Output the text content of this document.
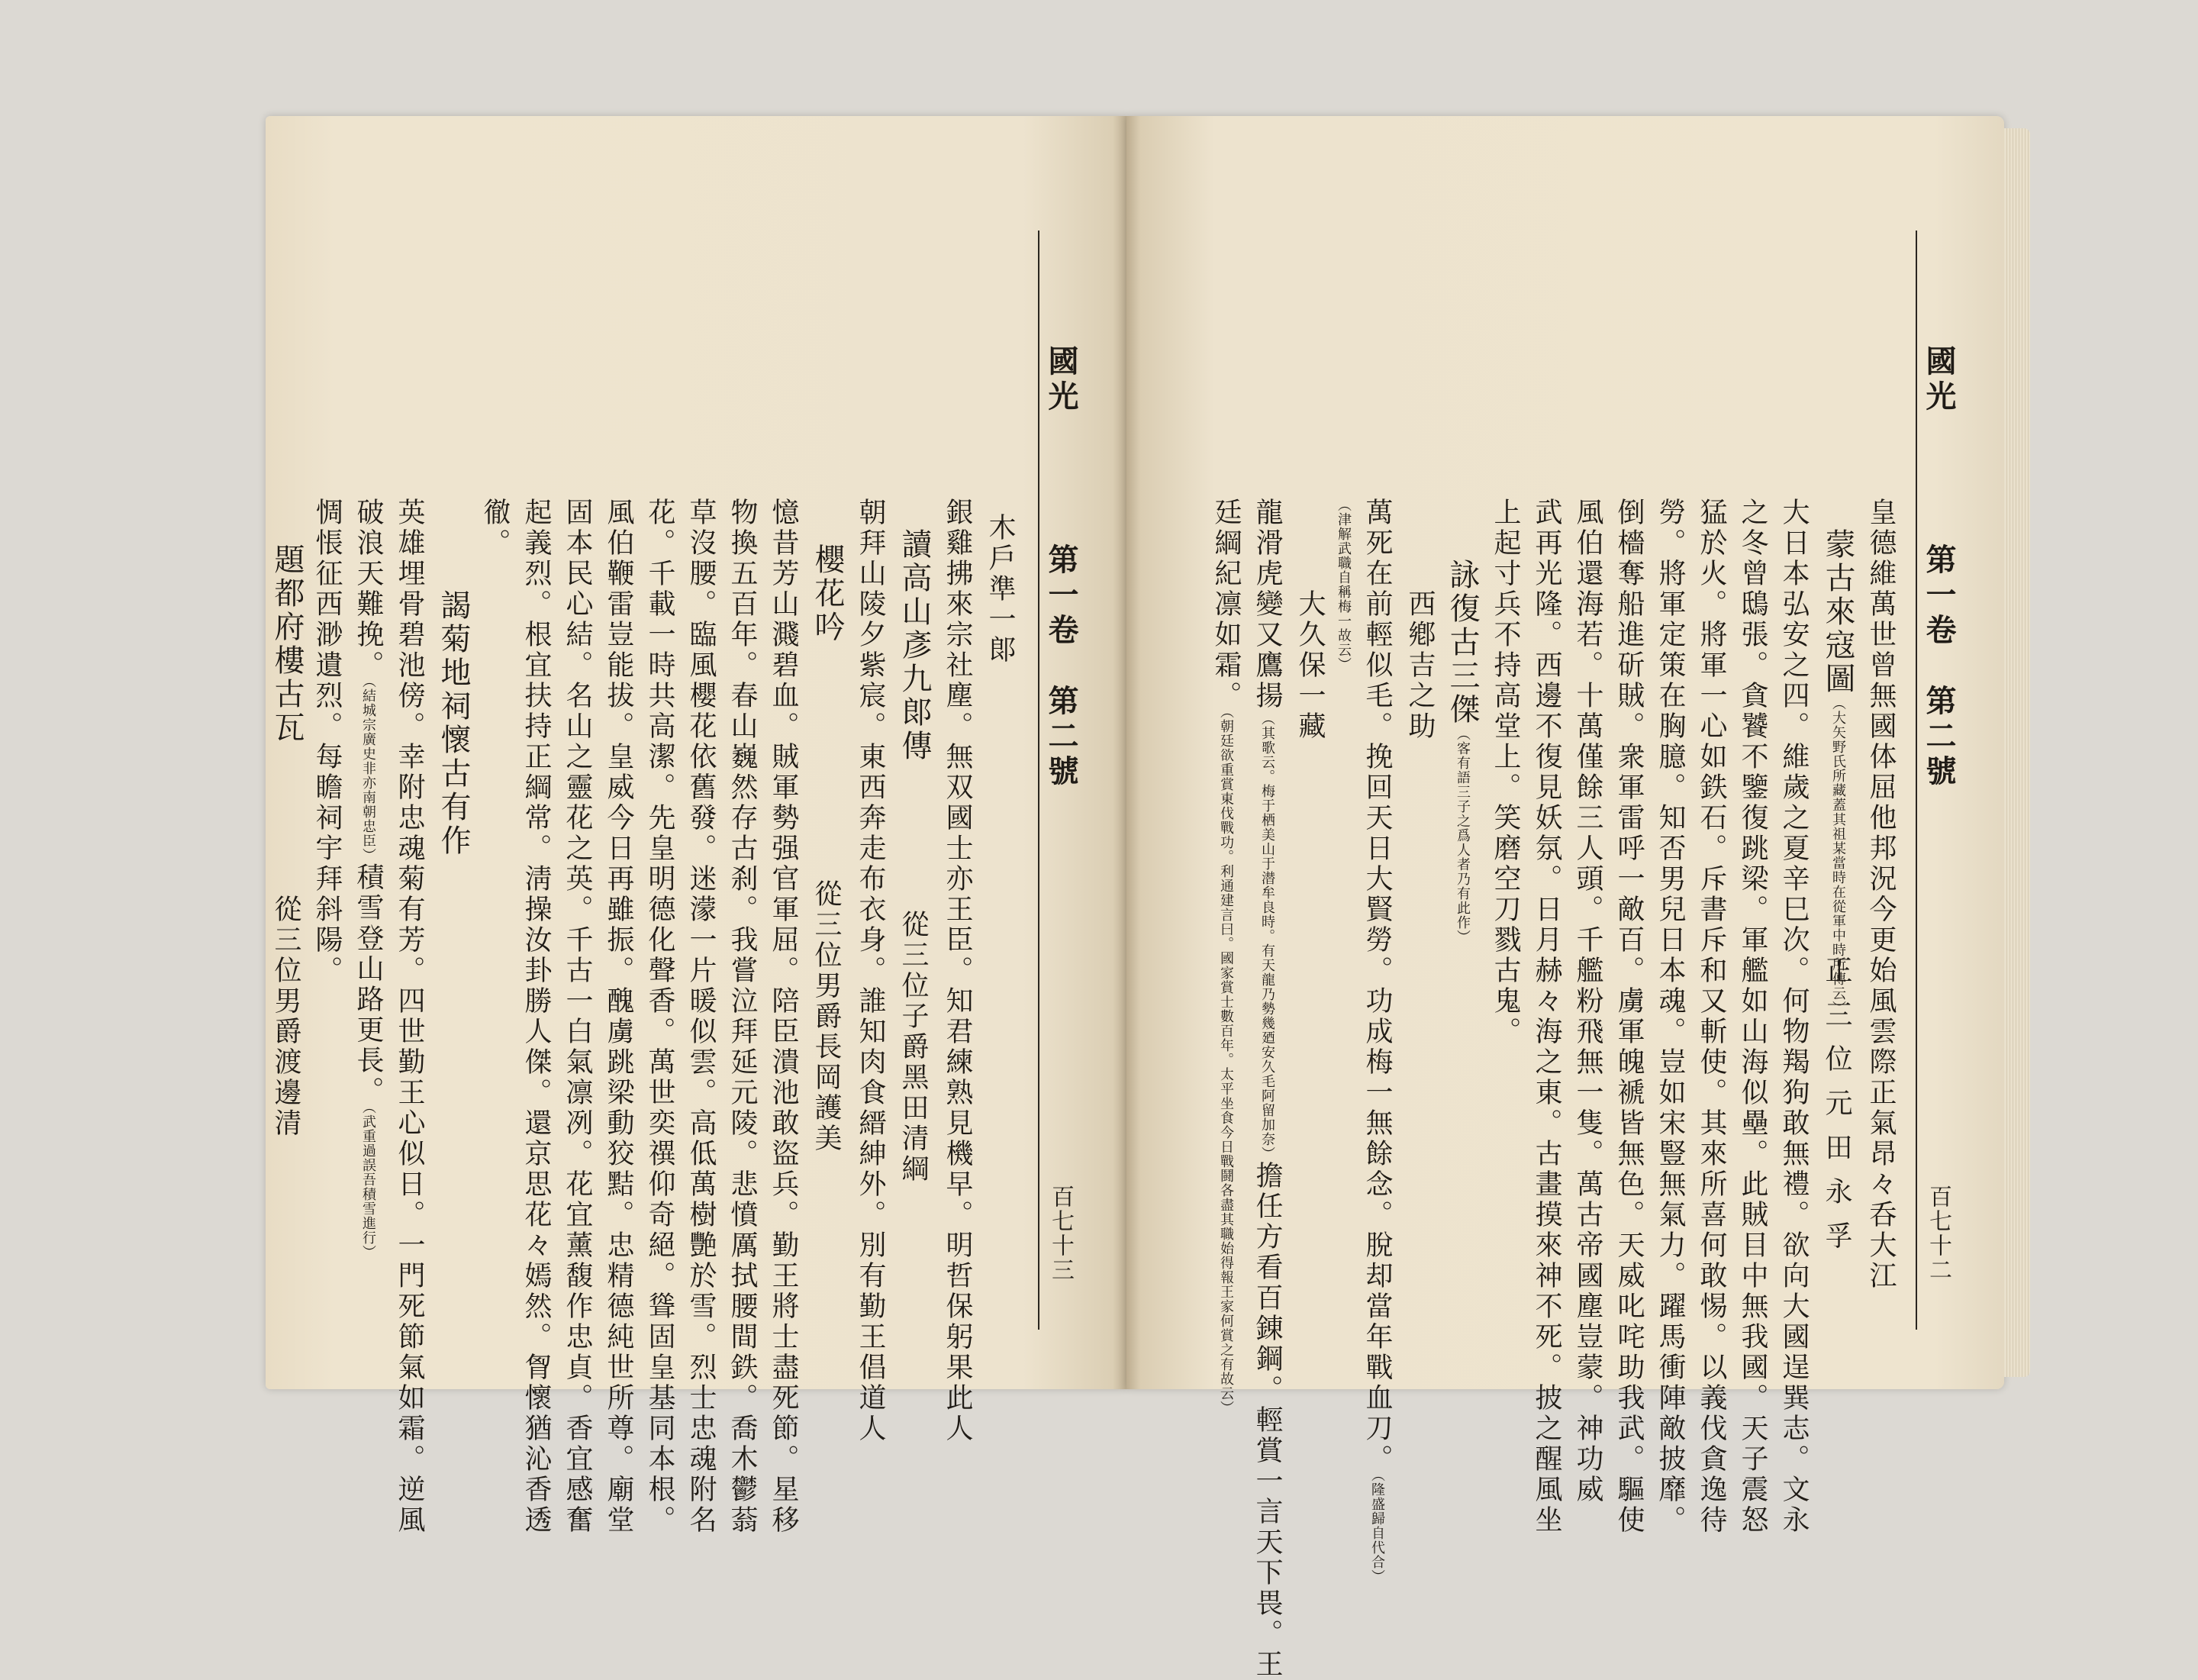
國光
第一卷
第二號
百七十三
木戶準一郞
銀雞拂來宗社塵。無双國士亦王臣。知君練熟見機早。明哲保躬果此人
讀高山彥九郞傳
從三位子爵黑田清綱
朝拜山陵夕紫宸。東西奔走布衣身。誰知肉食縉紳外。別有勤王倡道人
櫻花吟
從三位男爵長岡護美
憶昔芳山濺碧血。賊軍勢强官軍屈。陪臣潰池敢盜兵。勤王將士盡死節。星移
物換五百年。春山巍然存古刹。我嘗泣拜延元陵。悲憤厲拭腰間鉄。喬木鬱蓊
草沒腰。臨風櫻花依舊發。迷濛一片暖似雲。高低萬樹艷於雪。烈士忠魂附名
花。千載一時共高潔。先皇明德化聲香。萬世奕禩仰奇絕。聳固皇基同本根。
風伯鞭雷豈能拔。皇威今日再雖振。醜虜跳梁動狡黠。忠精德純世所尊。廟堂
固本民心結。名山之靈花之英。千古一白氣凛冽。花宜薰馥作忠貞。香宜感奮
起義烈。根宜扶持正綱常。淸操汝卦勝人傑。還京思花々嫣然。胷懷猶沁香透
徹。
謁菊地祠懷古有作
英雄埋骨碧池傍。幸附忠魂菊有芳。四世勤王心似日。一門死節氣如霜。逆風
破浪天難挽。（結城宗廣史非亦南朝忠臣）積雪登山路更長。（武重過誤吾積雪進行）
惆悵征西渺遺烈。每瞻祠宇拜斜陽。
題都府樓古瓦
從三位男爵渡邊清
國光
第一卷
第二號
百七十二
皇德維萬世曾無國体屈他邦況今更始風雲際正氣昂々呑大江
蒙古來寇圖（大矢野氏所藏蓋其祖某當時在從軍中時所傳云）
正三位元田永孚
大日本弘安之四。維歲之夏辛巳次。何物羯狗敢無禮。欲向大國逞巽志。文永
之冬曾鴟張。貪饕不鑒復跳梁。軍艦如山海似壘。此賊目中無我國。天子震怒
猛於火。將軍一心如鉄石。斥書斥和又斬使。其來所喜何敢惕。以義伐貪逸待
勞。將軍定策在胸臆。知否男兒日本魂。豈如宋豎無氣力。躍馬衝陣敵披靡。
倒檣奪船進斫賊。衆軍雷呼一敵百。虜軍魄褫皆無色。天威叱咤助我武。驅使
風伯還海若。十萬僅餘三人頭。千艦粉飛無一隻。萬古帝國塵豈蒙。神功威
武再光隆。西邊不復見妖氛。日月赫々海之東。古畫摸來神不死。披之醒風坐
上起寸兵不持高堂上。笑磨空刀戮古鬼。
詠復古三傑（客有語三子之爲人者乃有此作）
西鄕吉之助
萬死在前輕似毛。挽回天日大賢勞。功成梅一無餘念。脫却當年戰血刀。（隆盛歸自代合）
（津解武職自稱梅一故云）
大久保一藏
龍滑虎變又鷹揚（其歌云。梅于栖美山于潜牟良時。有天龍乃勢幾廼安久毛阿留加奈）擔任方看百錬鋼。輕賞一言天下畏。王
廷綱紀凛如霜。（朝廷欲重賞東伐戰功。利通建言曰。國家賞士數百年。太平坐食今日戰鬪各盡其職始得報王家何賞之有故云）
